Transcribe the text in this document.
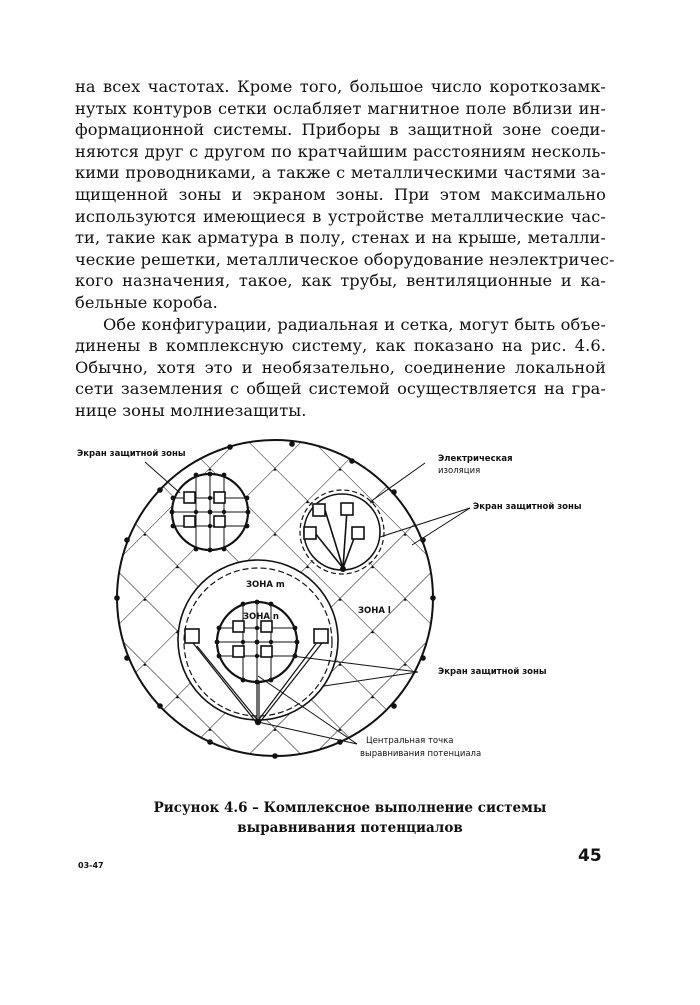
на всех частотах. Кроме того, большое число короткозамк-
нутых контуров сетки ослабляет магнитное поле вблизи ин-
формационной системы. Приборы в защитной зоне соеди-
няются друг с другом по кратчайшим расстояниям несколь-
кими проводниками, а также с металлическими частями за-
щищенной зоны и экраном зоны. При этом максимально
используются имеющиеся в устройстве металлические час-
ти, такие как арматура в полу, стенах и на крыше, металли-
ческие решетки, металлическое оборудование неэлектричес-
кого назначения, такое, как трубы, вентиляционные и ка-
бельные короба.

Обе конфигурации, радиальная и сетка, могут быть объе-
динены в комплексную систему, как показано на рис. 4.6.
Обычно, хотя это и необязательно, соединение локальной
сети заземления с общей системой осуществляется на гра-
нице зоны молниезащиты.

Экран защитной зоны	Электрическая
изоляция
Экран защитной зоны
ЗОНА m
ЗОНА n
ЗОНА l
Экран защитной зоны
Центральная точка
выравнивания потенциала
Рисунок 4.6 – Комплексное выполнение системы
выравнивания потенциалов
03-47	45
